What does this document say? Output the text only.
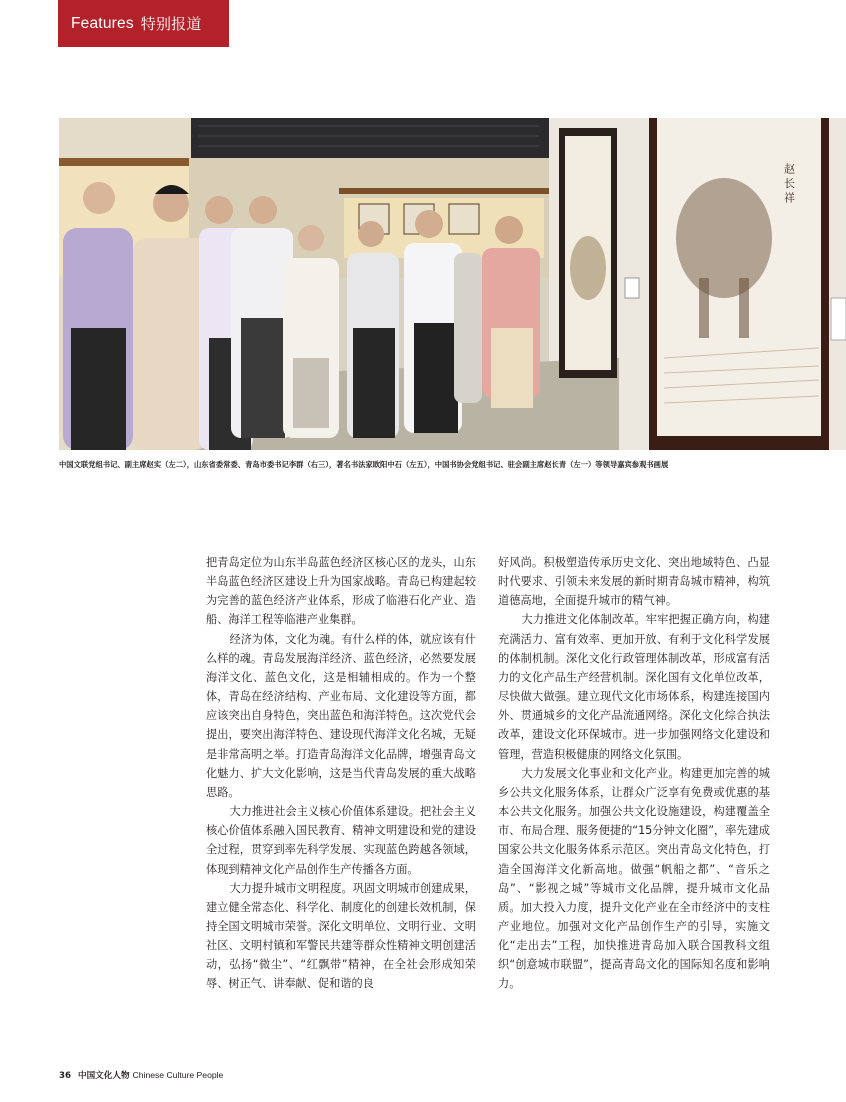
Features 特别报道
赵 长 祥
中国文联党组书记、副主席赵实（左二），山东省委常委、青岛市委书记李群（右三），著名书法家欧阳中石（左五），中国书协会党组书记、驻会副主席赵长青（左一）等领导嘉宾参观书画展

把青岛定位为山东半岛蓝色经济区核心区的龙头，山东半岛蓝色经济区建设上升为国家战略。青岛已构建起较为完善的蓝色经济产业体系，形成了临港石化产业、造船、海洋工程等临港产业集群。

经济为体，文化为魂。有什么样的体，就应该有什么样的魂。青岛发展海洋经济、蓝色经济，必然要发展海洋文化、蓝色文化，这是相辅相成的。作为一个整体，青岛在经济结构、产业布局、文化建设等方面，都应该突出自身特色，突出蓝色和海洋特色。这次党代会提出，要突出海洋特色、建设现代海洋文化名城，无疑是非常高明之举。打造青岛海洋文化品牌，增强青岛文化魅力、扩大文化影响，这是当代青岛发展的重大战略思路。

大力推进社会主义核心价值体系建设。把社会主义核心价值体系融入国民教育、精神文明建设和党的建设全过程，贯穿到率先科学发展、实现蓝色跨越各领域，体现到精神文化产品创作生产传播各方面。

大力提升城市文明程度。巩固文明城市创建成果，建立健全常态化、科学化、制度化的创建长效机制，保持全国文明城市荣誉。深化文明单位、文明行业、文明社区、文明村镇和军警民共建等群众性精神文明创建活动，弘扬“微尘”、“红飘带”精神，在全社会形成知荣辱、树正气、讲奉献、促和谐的良

好风尚。积极塑造传承历史文化、突出地域特色、凸显时代要求、引领未来发展的新时期青岛城市精神，构筑道德高地，全面提升城市的精气神。

大力推进文化体制改革。牢牢把握正确方向，构建充满活力、富有效率、更加开放、有利于文化科学发展的体制机制。深化文化行政管理体制改革，形成富有活力的文化产品生产经营机制。深化国有文化单位改革，尽快做大做强。建立现代文化市场体系，构建连接国内外、贯通城乡的文化产品流通网络。深化文化综合执法改革，建设文化环保城市。进一步加强网络文化建设和管理，营造积极健康的网络文化氛围。

大力发展文化事业和文化产业。构建更加完善的城乡公共文化服务体系，让群众广泛享有免费或优惠的基本公共文化服务。加强公共文化设施建设，构建覆盖全市、布局合理、服务便捷的“15分钟文化圈”，率先建成国家公共文化服务体系示范区。突出青岛文化特色，打造全国海洋文化新高地。做强“帆船之都”、“音乐之岛”、“影视之城”等城市文化品牌，提升城市文化品质。加大投入力度，提升文化产业在全市经济中的支柱产业地位。加强对文化产品创作生产的引导，实施文化“走出去”工程，加快推进青岛加入联合国教科文组织“创意城市联盟”，提高青岛文化的国际知名度和影响力。

36 中国文化人物 Chinese Culture People
